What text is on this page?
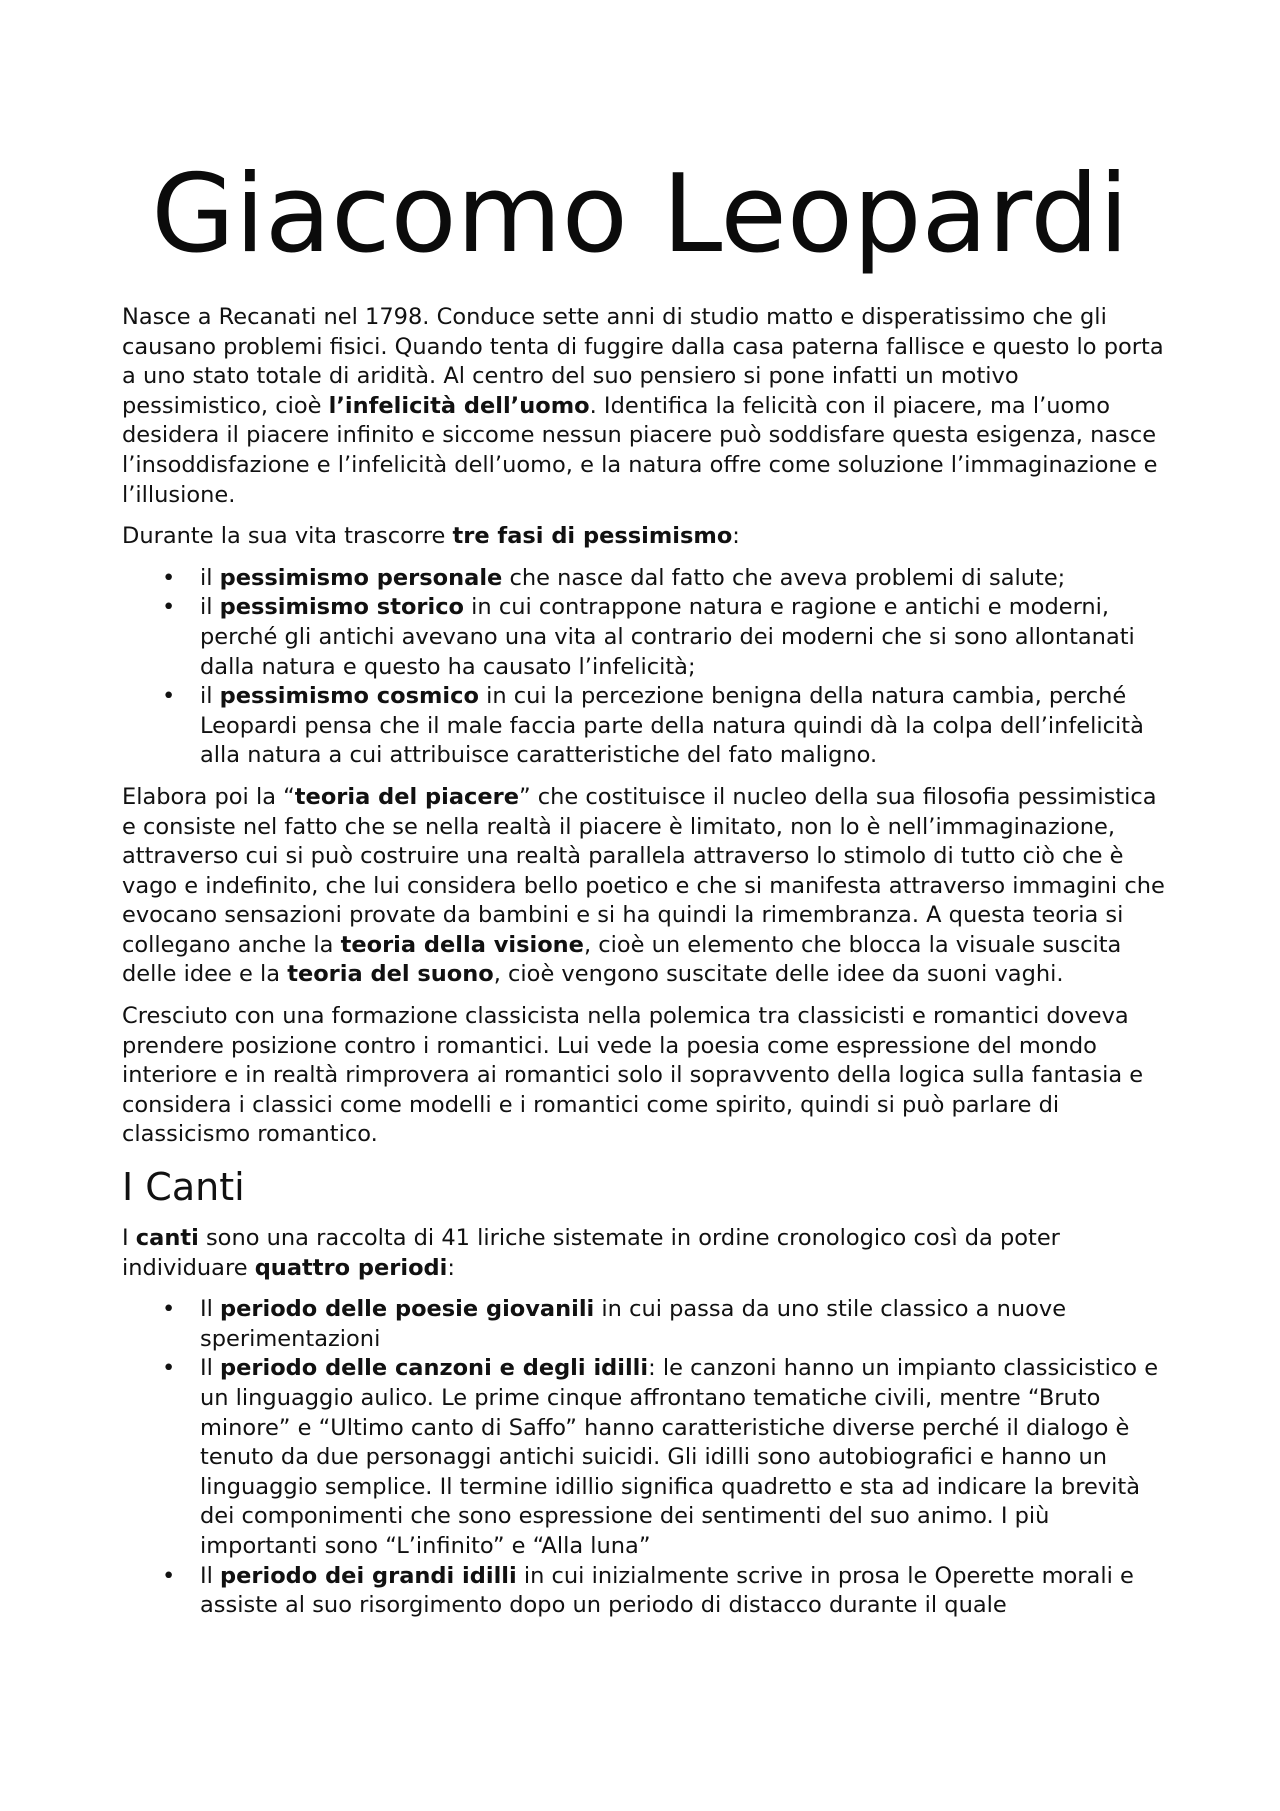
Giacomo Leopardi

Nasce a Recanati nel 1798. Conduce sette anni di studio matto e disperatissimo che gli causano problemi fisici. Quando tenta di fuggire dalla casa paterna fallisce e questo lo porta a uno stato totale di aridità. Al centro del suo pensiero si pone infatti un motivo pessimistico, cioè l’infelicità dell’uomo. Identifica la felicità con il piacere, ma l’uomo desidera il piacere infinito e siccome nessun piacere può soddisfare questa esigenza, nasce l’insoddisfazione e l’infelicità dell’uomo, e la natura offre come soluzione l’immaginazione e l’illusione.

Durante la sua vita trascorre tre fasi di pessimismo:

• il pessimismo personale che nasce dal fatto che aveva problemi di salute;
• il pessimismo storico in cui contrappone natura e ragione e antichi e moderni, perché gli antichi avevano una vita al contrario dei moderni che si sono allontanati dalla natura e questo ha causato l’infelicità;
• il pessimismo cosmico in cui la percezione benigna della natura cambia, perché Leopardi pensa che il male faccia parte della natura quindi dà la colpa dell’infelicità alla natura a cui attribuisce caratteristiche del fato maligno.

Elabora poi la “teoria del piacere” che costituisce il nucleo della sua filosofia pessimistica e consiste nel fatto che se nella realtà il piacere è limitato, non lo è nell’immaginazione, attraverso cui si può costruire una realtà parallela attraverso lo stimolo di tutto ciò che è vago e indefinito, che lui considera bello poetico e che si manifesta attraverso immagini che evocano sensazioni provate da bambini e si ha quindi la rimembranza. A questa teoria si collegano anche la teoria della visione, cioè un elemento che blocca la visuale suscita delle idee e la teoria del suono, cioè vengono suscitate delle idee da suoni vaghi.

Cresciuto con una formazione classicista nella polemica tra classicisti e romantici doveva prendere posizione contro i romantici. Lui vede la poesia come espressione del mondo interiore e in realtà rimprovera ai romantici solo il sopravvento della logica sulla fantasia e considera i classici come modelli e i romantici come spirito, quindi si può parlare di classicismo romantico.

I Canti

I canti sono una raccolta di 41 liriche sistemate in ordine cronologico così da poter individuare quattro periodi:

• Il periodo delle poesie giovanili in cui passa da uno stile classico a nuove sperimentazioni
• Il periodo delle canzoni e degli idilli: le canzoni hanno un impianto classicistico e un linguaggio aulico. Le prime cinque affrontano tematiche civili, mentre “Bruto minore” e “Ultimo canto di Saffo” hanno caratteristiche diverse perché il dialogo è tenuto da due personaggi antichi suicidi. Gli idilli sono autobiografici e hanno un linguaggio semplice. Il termine idillio significa quadretto e sta ad indicare la brevità dei componimenti che sono espressione dei sentimenti del suo animo. I più importanti sono “L’infinito” e “Alla luna”
• Il periodo dei grandi idilli in cui inizialmente scrive in prosa le Operette morali e assiste al suo risorgimento dopo un periodo di distacco durante il quale
